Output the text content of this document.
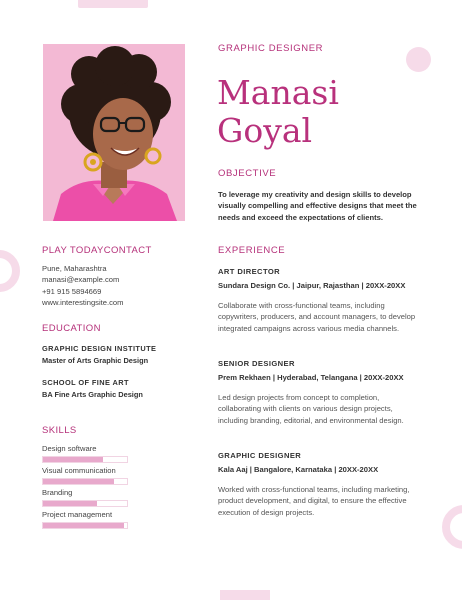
GRAPHIC DESIGNER
Manasi
Goyal
OBJECTIVE

To leverage my creativity and design skills to develop visually compelling and effective designs that meet the needs and exceed the expectations of clients.

EXPERIENCE
ART DIRECTOR
Sundara Design Co. | Jaipur, Rajasthan | 20XX-20XX
Collaborate with cross-functional teams, including copywriters, producers, and account managers, to develop integrated campaigns across various media channels.
SENIOR DESIGNER
Prem Rekhaen | Hyderabad, Telangana | 20XX-20XX
Led design projects from concept to completion, collaborating with clients on various design projects, including branding, editorial, and environmental design.
GRAPHIC DESIGNER
Kala Aaj | Bangalore, Karnataka | 20XX-20XX
Worked with cross-functional teams, including marketing, product development, and digital, to ensure the effective execution of design projects.
PLAY TODAYCONTACT
Pune, Maharashtra
manasi@example.com
+91 915 5894669
www.interestingsite.com
EDUCATION
GRAPHIC DESIGN INSTITUTE
Master of Arts Graphic Design
SCHOOL OF FINE ART
BA Fine Arts Graphic Design
SKILLS
Design software
Visual communication
Branding
Project management
